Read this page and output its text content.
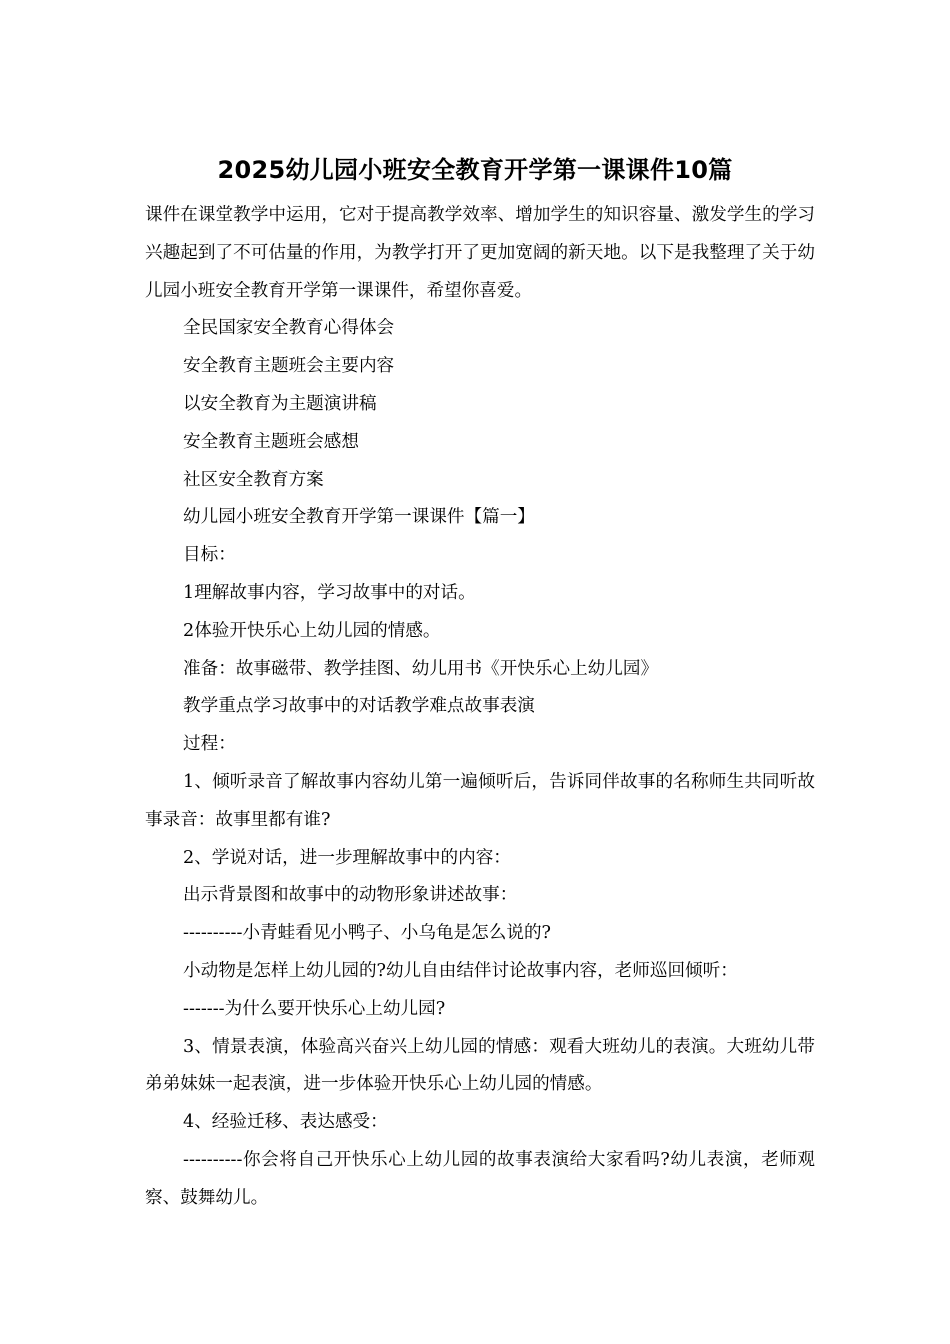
2025幼儿园小班安全教育开学第一课课件10篇

课件在课堂教学中运用，它对于提高教学效率、增加学生的知识容量、激发学生的学习兴趣起到了不可估量的作用，为教学打开了更加宽阔的新天地。以下是我整理了关于幼儿园小班安全教育开学第一课课件，希望你喜爱。

全民国家安全教育心得体会

安全教育主题班会主要内容

以安全教育为主题演讲稿

安全教育主题班会感想

社区安全教育方案

幼儿园小班安全教育开学第一课课件【篇一】

目标：

1理解故事内容，学习故事中的对话。

2体验开快乐心上幼儿园的情感。

准备：故事磁带、教学挂图、幼儿用书《开快乐心上幼儿园》

教学重点学习故事中的对话教学难点故事表演

过程：

1、倾听录音了解故事内容幼儿第一遍倾听后，告诉同伴故事的名称师生共同听故事录音：故事里都有谁?

2、学说对话，进一步理解故事中的内容：

出示背景图和故事中的动物形象讲述故事：

----------小青蛙看见小鸭子、小乌龟是怎么说的?

小动物是怎样上幼儿园的?幼儿自由结伴讨论故事内容，老师巡回倾听：

-------为什么要开快乐心上幼儿园?

3、情景表演，体验高兴奋兴上幼儿园的情感：观看大班幼儿的表演。大班幼儿带弟弟妹妹一起表演，进一步体验开快乐心上幼儿园的情感。

4、经验迁移、表达感受：

----------你会将自己开快乐心上幼儿园的故事表演给大家看吗?幼儿表演，老师观察、鼓舞幼儿。
